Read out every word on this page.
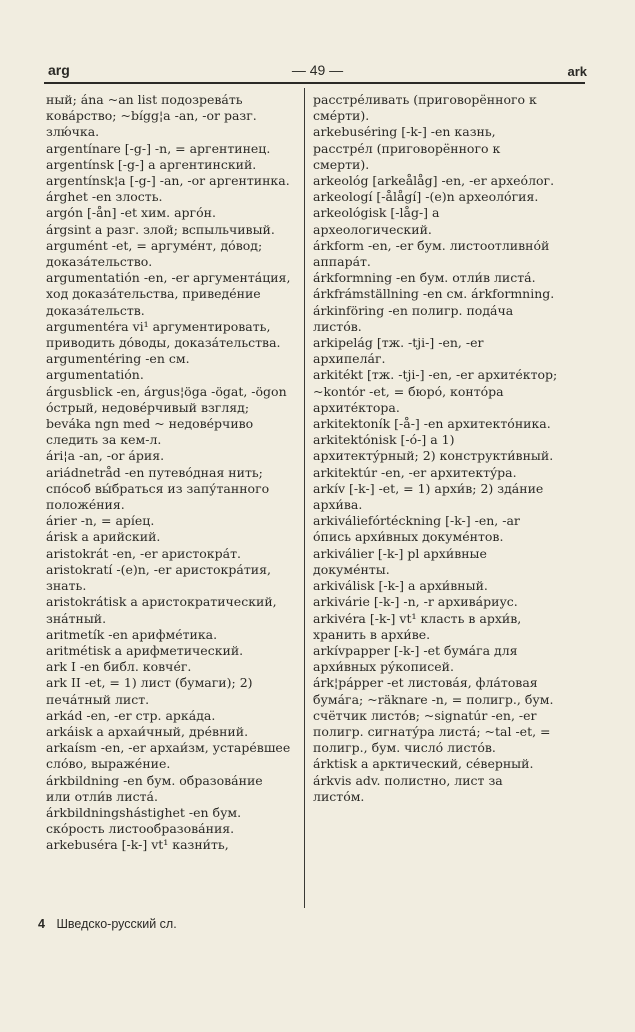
arg	— 49 —	ark

ный; ána ~an list подозревáть ковáрство; ~bígg¦a -an, -or разг. злю́чка.

argentínare [-g-] -n, = аргентинец.

argentínsk [-g-] a аргентинский.

argentínsk¦a [-g-] -an, -or аргентинка.

árghet -en злость.

argón [-ån] -et хим. аргóн.

árgsint a разг. злой; вспыльчивый.

argumént -et, = аргумéнт, дóвод; доказáтельство.

argumentatión -en, -er аргументáция, ход доказáтельства, приведéние доказáтельств.

argumentéra vi¹ аргументировать, приводить дóводы, доказáтельства.

argumentéring -en см. argumentatión.

árgusblick -en, árgus¦öga -ögat, -ögon óстрый, недовéрчивый взгляд; beváka ngn med ~ недовéрчиво следить за кем-л.

ári¦a -an, -or áрия.

ariádnetråd -en путевóдная нить; спóсоб вы́браться из запу́танного положéния.

árier -n, = арíец.

árisk a арийский.

aristokrát -en, -er аристокрáт.

aristokratí -(e)n, -er аристокрáтия, знать.

aristokrátisk a аристократический, знáтный.

aritmetík -en арифмéтика.

aritmétisk a арифметический.

ark I -en библ. ковчéг.

ark II -et, = 1) лист (бумаги); 2) печáтный лист.

arkád -en, -er стр. аркáда.

arkáisk a архаи́чный, дрéвний.

arkaísm -en, -er архаи́зм, устарéвшее слóво, выражéние.

árkbildning -en бум. образовáние или отли́в листá.

árkbildningshástighet -en бум. скóрость листообразовáния.

arkebuséra [-k-] vt¹ казни́ть,

расстрéливать (приговорённого к смéрти).

arkebuséring [-k-] -en казнь, расстрéл (приговорённого к смерти).

arkeológ [arkeålåg] -en, -er археóлог.

arkeologí [-ålågí] -(e)n археолóгия.

arkeológisk [-låg-] a археологический.

árkform -en, -er бум. листоотливнóй аппарáт.

árkformning -en бум. отли́в листá.

árkfrámställning -en см. árkformning.

árkinföring -en полигр. подáча листóв.

arkipelág [тж. -tji-] -en, -er архипелáг.

arkitékt [тж. -tji-] -en, -er архитéктор; ~kontór -et, = бюрó, контóра архитéктора.

arkitektoník [-å-] -en архитектóника.

arkitektónisk [-ó-] a 1) архитектýрный; 2) конструкти́вный.

arkitektúr -en, -er архитектýра.

arkív [-k-] -et, = 1) архи́в; 2) здáние архи́ва.

arkiváliefórtéckning [-k-] -en, -ar óпись архи́вных докумéнтов.

arkiválier [-k-] pl архи́вные докумéнты.

arkiválisk [-k-] a архи́вный.

arkivárie [-k-] -n, -r архивáриус.

arkivéra [-k-] vt¹ класть в архи́в, хранить в архи́ве.

arkívpapper [-k-] -et бумáга для архи́вных рýкописей.

árk¦pápper -et листовáя, флáтовая бумáга; ~räknare -n, = полигр., бум. счётчик листóв; ~signatúr -en, -er полигр. сигнатýра листá; ~tal -et, = полигр., бум. числó листóв.

árktisk a арктический, сéверный.

árkvis adv. полистно, лист за листóм.

4 Шведско-русский сл.
